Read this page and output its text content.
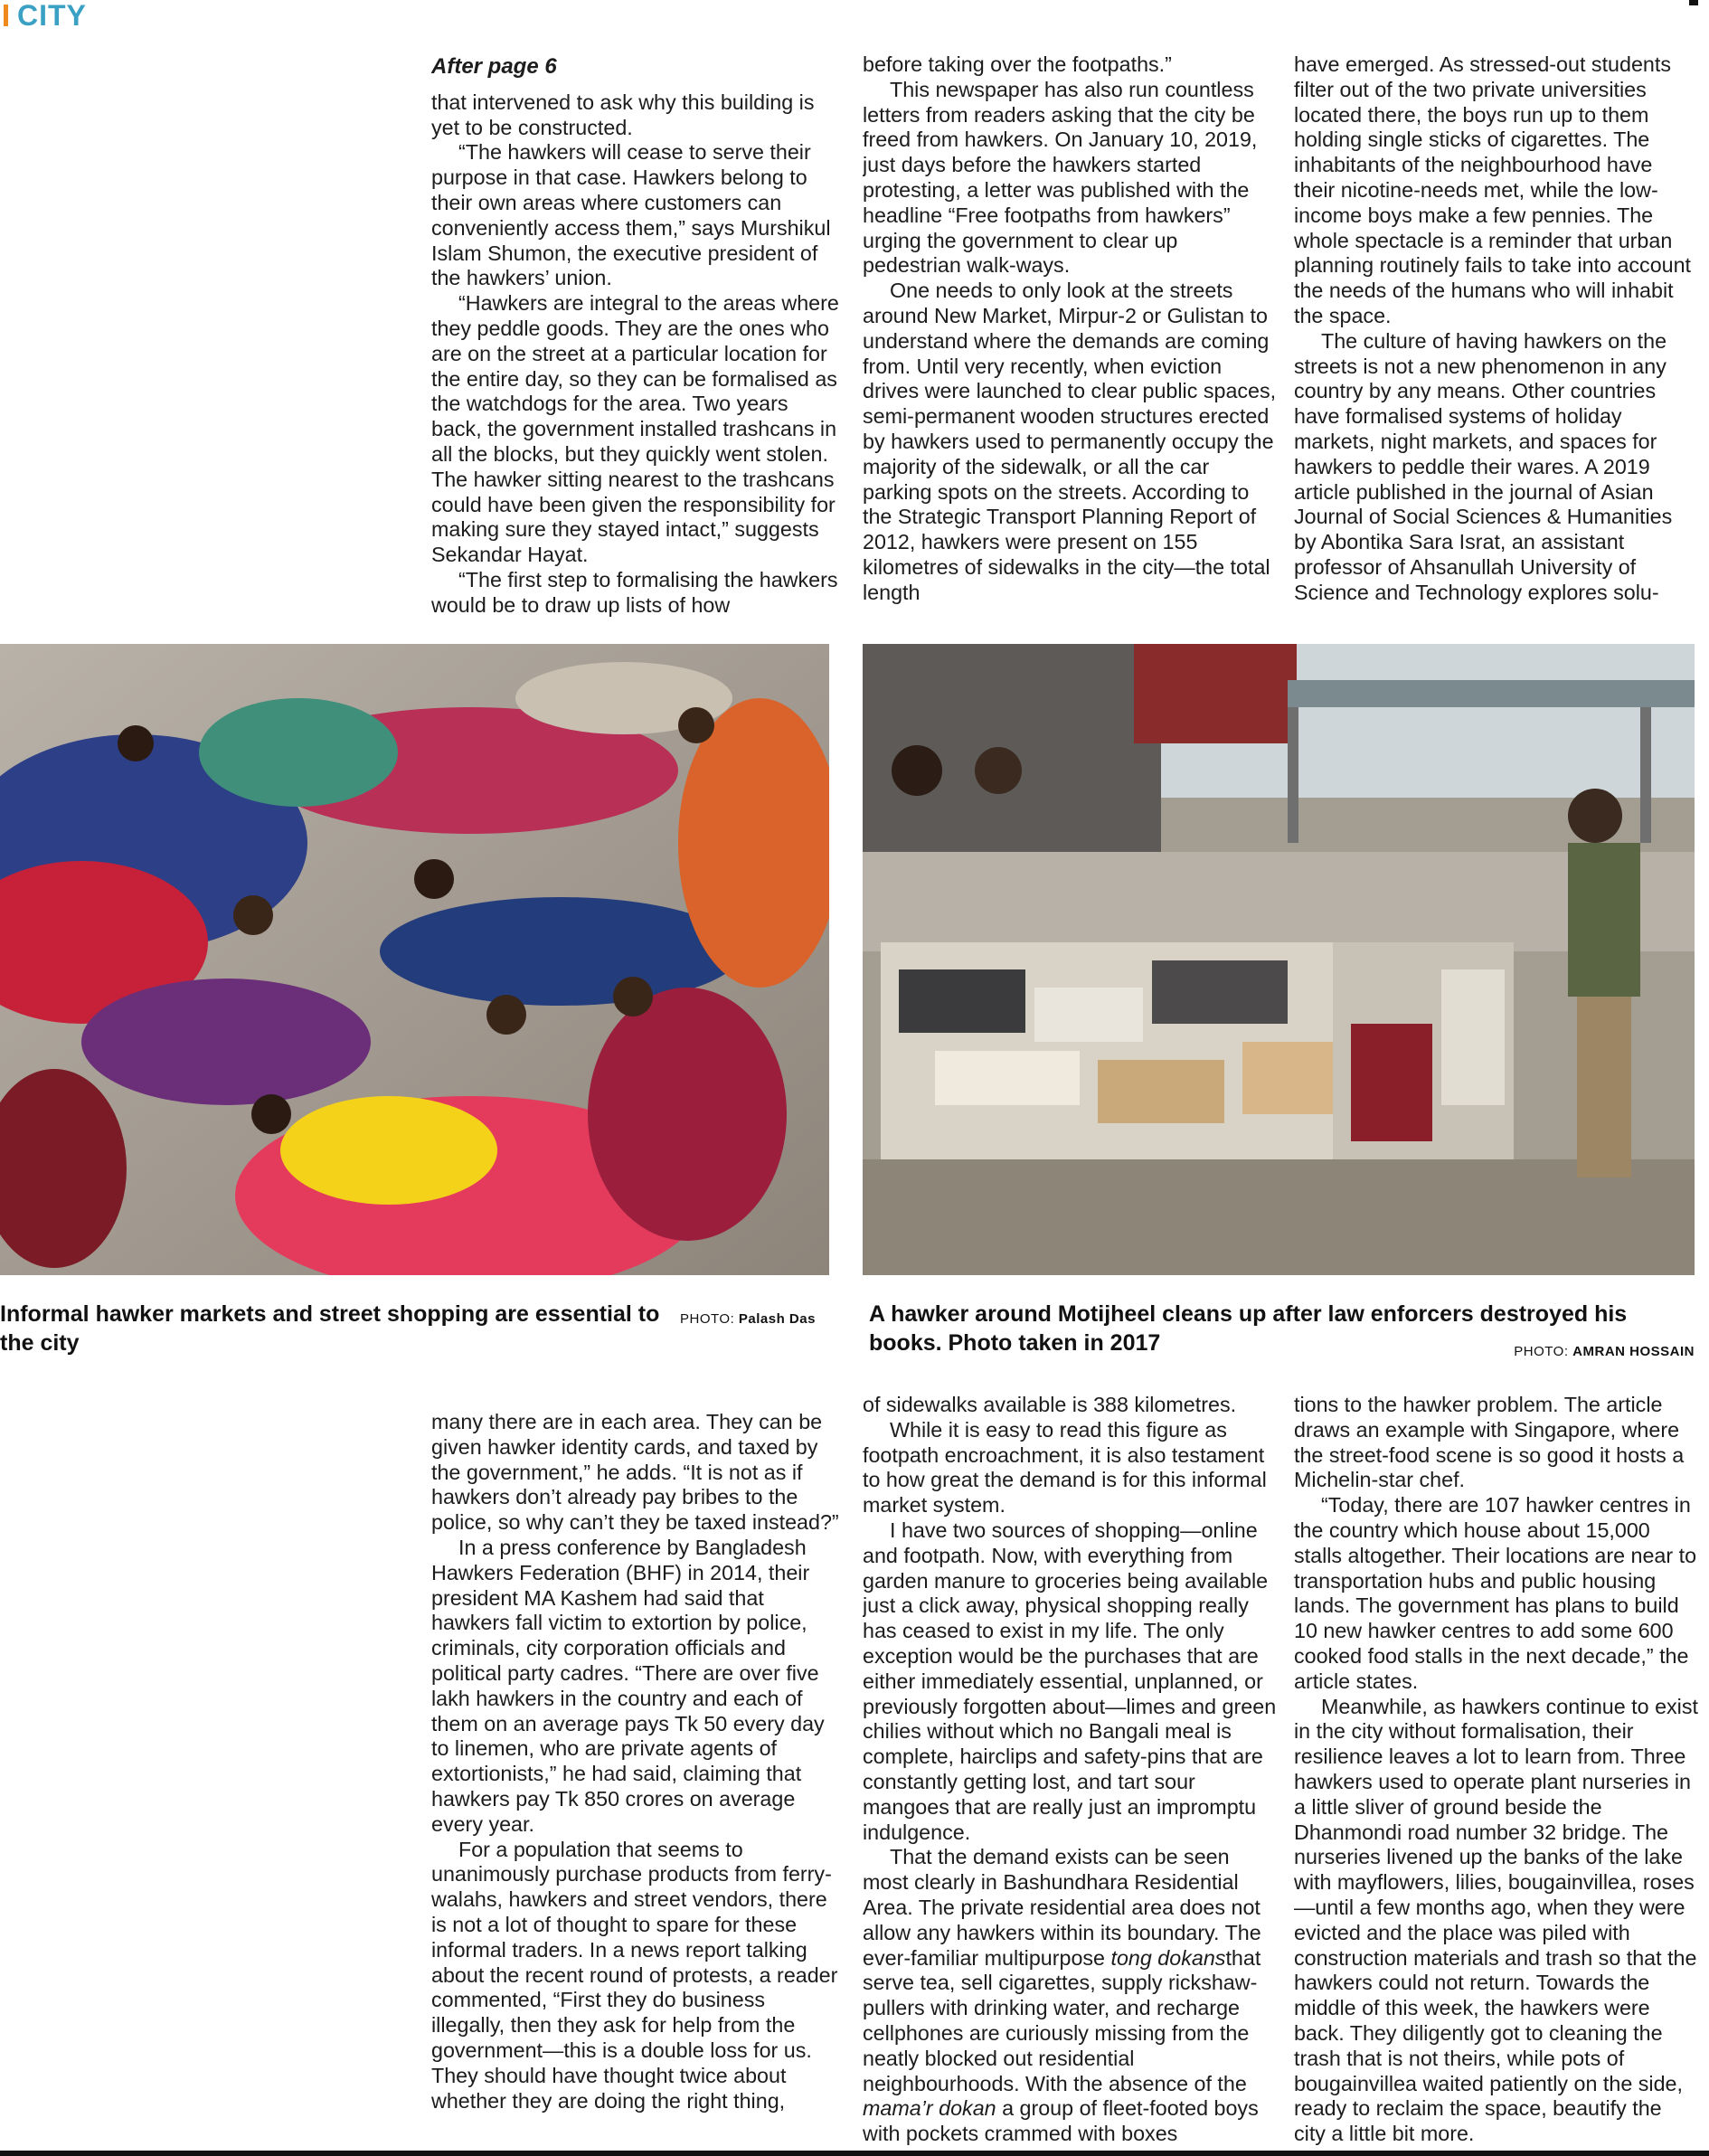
CITY
After page 6

that intervened to ask why this building is yet to be constructed.

“The hawkers will cease to serve their purpose in that case. Hawkers belong to their own areas where customers can conveniently access them,” says Murshikul Islam Shumon, the executive president of the hawkers’ union.

“Hawkers are integral to the areas where they peddle goods. They are the ones who are on the street at a particular location for the entire day, so they can be formalised as the watchdogs for the area. Two years back, the government installed trashcans in all the blocks, but they quickly went stolen. The hawker sitting nearest to the trashcans could have been given the responsibility for making sure they stayed intact,” suggests Sekandar Hayat.

“The first step to formalising the hawkers would be to draw up lists of how

before taking over the footpaths.”

This newspaper has also run countless letters from readers asking that the city be freed from hawkers. On January 10, 2019, just days before the hawkers started protesting, a letter was published with the headline “Free footpaths from hawkers” urging the government to clear up pedestrian walk-ways.

One needs to only look at the streets around New Market, Mirpur-2 or Gulistan to understand where the demands are coming from. Until very recently, when eviction drives were launched to clear public spaces, semi-permanent wooden structures erected by hawkers used to permanently occupy the majority of the sidewalk, or all the car parking spots on the streets. According to the Strategic Transport Planning Report of 2012, hawkers were present on 155 kilometres of sidewalks in the city—the total length

have emerged. As stressed-out students filter out of the two private universities located there, the boys run up to them holding single sticks of cigarettes. The inhabitants of the neighbourhood have their nicotine-needs met, while the low-income boys make a few pennies. The whole spectacle is a reminder that urban planning routinely fails to take into account the needs of the humans who will inhabit the space.

The culture of having hawkers on the streets is not a new phenomenon in any country by any means. Other countries have formalised systems of holiday markets, night markets, and spaces for hawkers to peddle their wares. A 2019 article published in the journal of Asian Journal of Social Sciences & Humanities by Abontika Sara Israt, an assistant professor of Ahsanullah University of Science and Technology explores solu-

Informal hawker markets and street shopping are essential to the city
PHOTO: Palash Das A hawker around Motijheel cleans up after law enforcers destroyed his books. Photo taken in 2017	PHOTO: AMRAN HOSSAIN

many there are in each area. They can be given hawker identity cards, and taxed by the government,” he adds. “It is not as if hawkers don’t already pay bribes to the police, so why can’t they be taxed instead?”

In a press conference by Bangladesh Hawkers Federation (BHF) in 2014, their president MA Kashem had said that hawkers fall victim to extortion by police, criminals, city corporation officials and political party cadres. “There are over five lakh hawkers in the country and each of them on an average pays Tk 50 every day to linemen, who are private agents of extortionists,” he had said, claiming that hawkers pay Tk 850 crores on average every year.

For a population that seems to unanimously purchase products from ferry-walahs, hawkers and street vendors, there is not a lot of thought to spare for these informal traders. In a news report talking about the recent round of protests, a reader commented, “First they do business illegally, then they ask for help from the government—this is a double loss for us. They should have thought twice about whether they are doing the right thing,

of sidewalks available is 388 kilometres.

While it is easy to read this figure as footpath encroachment, it is also testament to how great the demand is for this informal market system.

I have two sources of shopping—online and footpath. Now, with everything from garden manure to groceries being available just a click away, physical shopping really has ceased to exist in my life. The only exception would be the purchases that are either immediately essential, unplanned, or previously forgotten about—limes and green chilies without which no Bangali meal is complete, hairclips and safety-pins that are constantly getting lost, and tart sour mangoes that are really just an impromptu indulgence.

That the demand exists can be seen most clearly in Bashundhara Residential Area. The private residential area does not allow any hawkers within its boundary. The ever-familiar multipurpose tong dokansthat serve tea, sell cigarettes, supply rickshaw-pullers with drinking water, and recharge cellphones are curiously missing from the neatly blocked out residential neighbourhoods. With the absence of the mama’r dokan a group of fleet-footed boys with pockets crammed with boxes

tions to the hawker problem. The article draws an example with Singapore, where the street-food scene is so good it hosts a Michelin-star chef.

“Today, there are 107 hawker centres in the country which house about 15,000 stalls altogether. Their locations are near to transportation hubs and public housing lands. The government has plans to build 10 new hawker centres to add some 600 cooked food stalls in the next decade,” the article states.

Meanwhile, as hawkers continue to exist in the city without formalisation, their resilience leaves a lot to learn from. Three hawkers used to operate plant nurseries in a little sliver of ground beside the Dhanmondi road number 32 bridge. The nurseries livened up the banks of the lake with mayflowers, lilies, bougainvillea, roses—until a few months ago, when they were evicted and the place was piled with construction materials and trash so that the hawkers could not return. Towards the middle of this week, the hawkers were back. They diligently got to cleaning the trash that is not theirs, while pots of bougainvillea waited patiently on the side, ready to reclaim the space, beautify the city a little bit more.
